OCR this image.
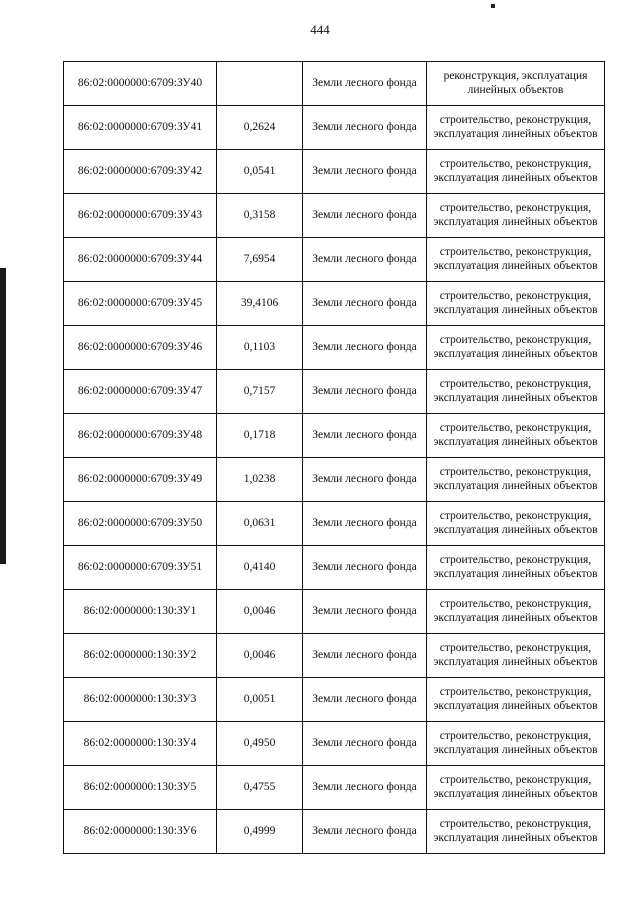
444
86:02:0000000:6709:ЗУ40		Земли лесного фонда	реконструкция, эксплуатация линейных объектов
86:02:0000000:6709:ЗУ41	0,2624	Земли лесного фонда	строительство, реконструкция, эксплуатация линейных объектов
86:02:0000000:6709:ЗУ42	0,0541	Земли лесного фонда	строительство, реконструкция, эксплуатация линейных объектов
86:02:0000000:6709:ЗУ43	0,3158	Земли лесного фонда	строительство, реконструкция, эксплуатация линейных объектов
86:02:0000000:6709:ЗУ44	7,6954	Земли лесного фонда	строительство, реконструкция, эксплуатация линейных объектов
86:02:0000000:6709:ЗУ45	39,4106	Земли лесного фонда	строительство, реконструкция, эксплуатация линейных объектов
86:02:0000000:6709:ЗУ46	0,1103	Земли лесного фонда	строительство, реконструкция, эксплуатация линейных объектов
86:02:0000000:6709:ЗУ47	0,7157	Земли лесного фонда	строительство, реконструкция, эксплуатация линейных объектов
86:02:0000000:6709:ЗУ48	0,1718	Земли лесного фонда	строительство, реконструкция, эксплуатация линейных объектов
86:02:0000000:6709:ЗУ49	1,0238	Земли лесного фонда	строительство, реконструкция, эксплуатация линейных объектов
86:02:0000000:6709:ЗУ50	0,0631	Земли лесного фонда	строительство, реконструкция, эксплуатация линейных объектов
86:02:0000000:6709:ЗУ51	0,4140	Земли лесного фонда	строительство, реконструкция, эксплуатация линейных объектов
86:02:0000000:130:ЗУ1	0,0046	Земли лесного фонда	строительство, реконструкция, эксплуатация линейных объектов
86:02:0000000:130:ЗУ2	0,0046	Земли лесного фонда	строительство, реконструкция, эксплуатация линейных объектов
86:02:0000000:130:ЗУ3	0,0051	Земли лесного фонда	строительство, реконструкция, эксплуатация линейных объектов
86:02:0000000:130:ЗУ4	0,4950	Земли лесного фонда	строительство, реконструкция, эксплуатация линейных объектов
86:02:0000000:130:ЗУ5	0,4755	Земли лесного фонда	строительство, реконструкция, эксплуатация линейных объектов
86:02:0000000:130:ЗУ6	0,4999	Земли лесного фонда	строительство, реконструкция, эксплуатация линейных объектов
